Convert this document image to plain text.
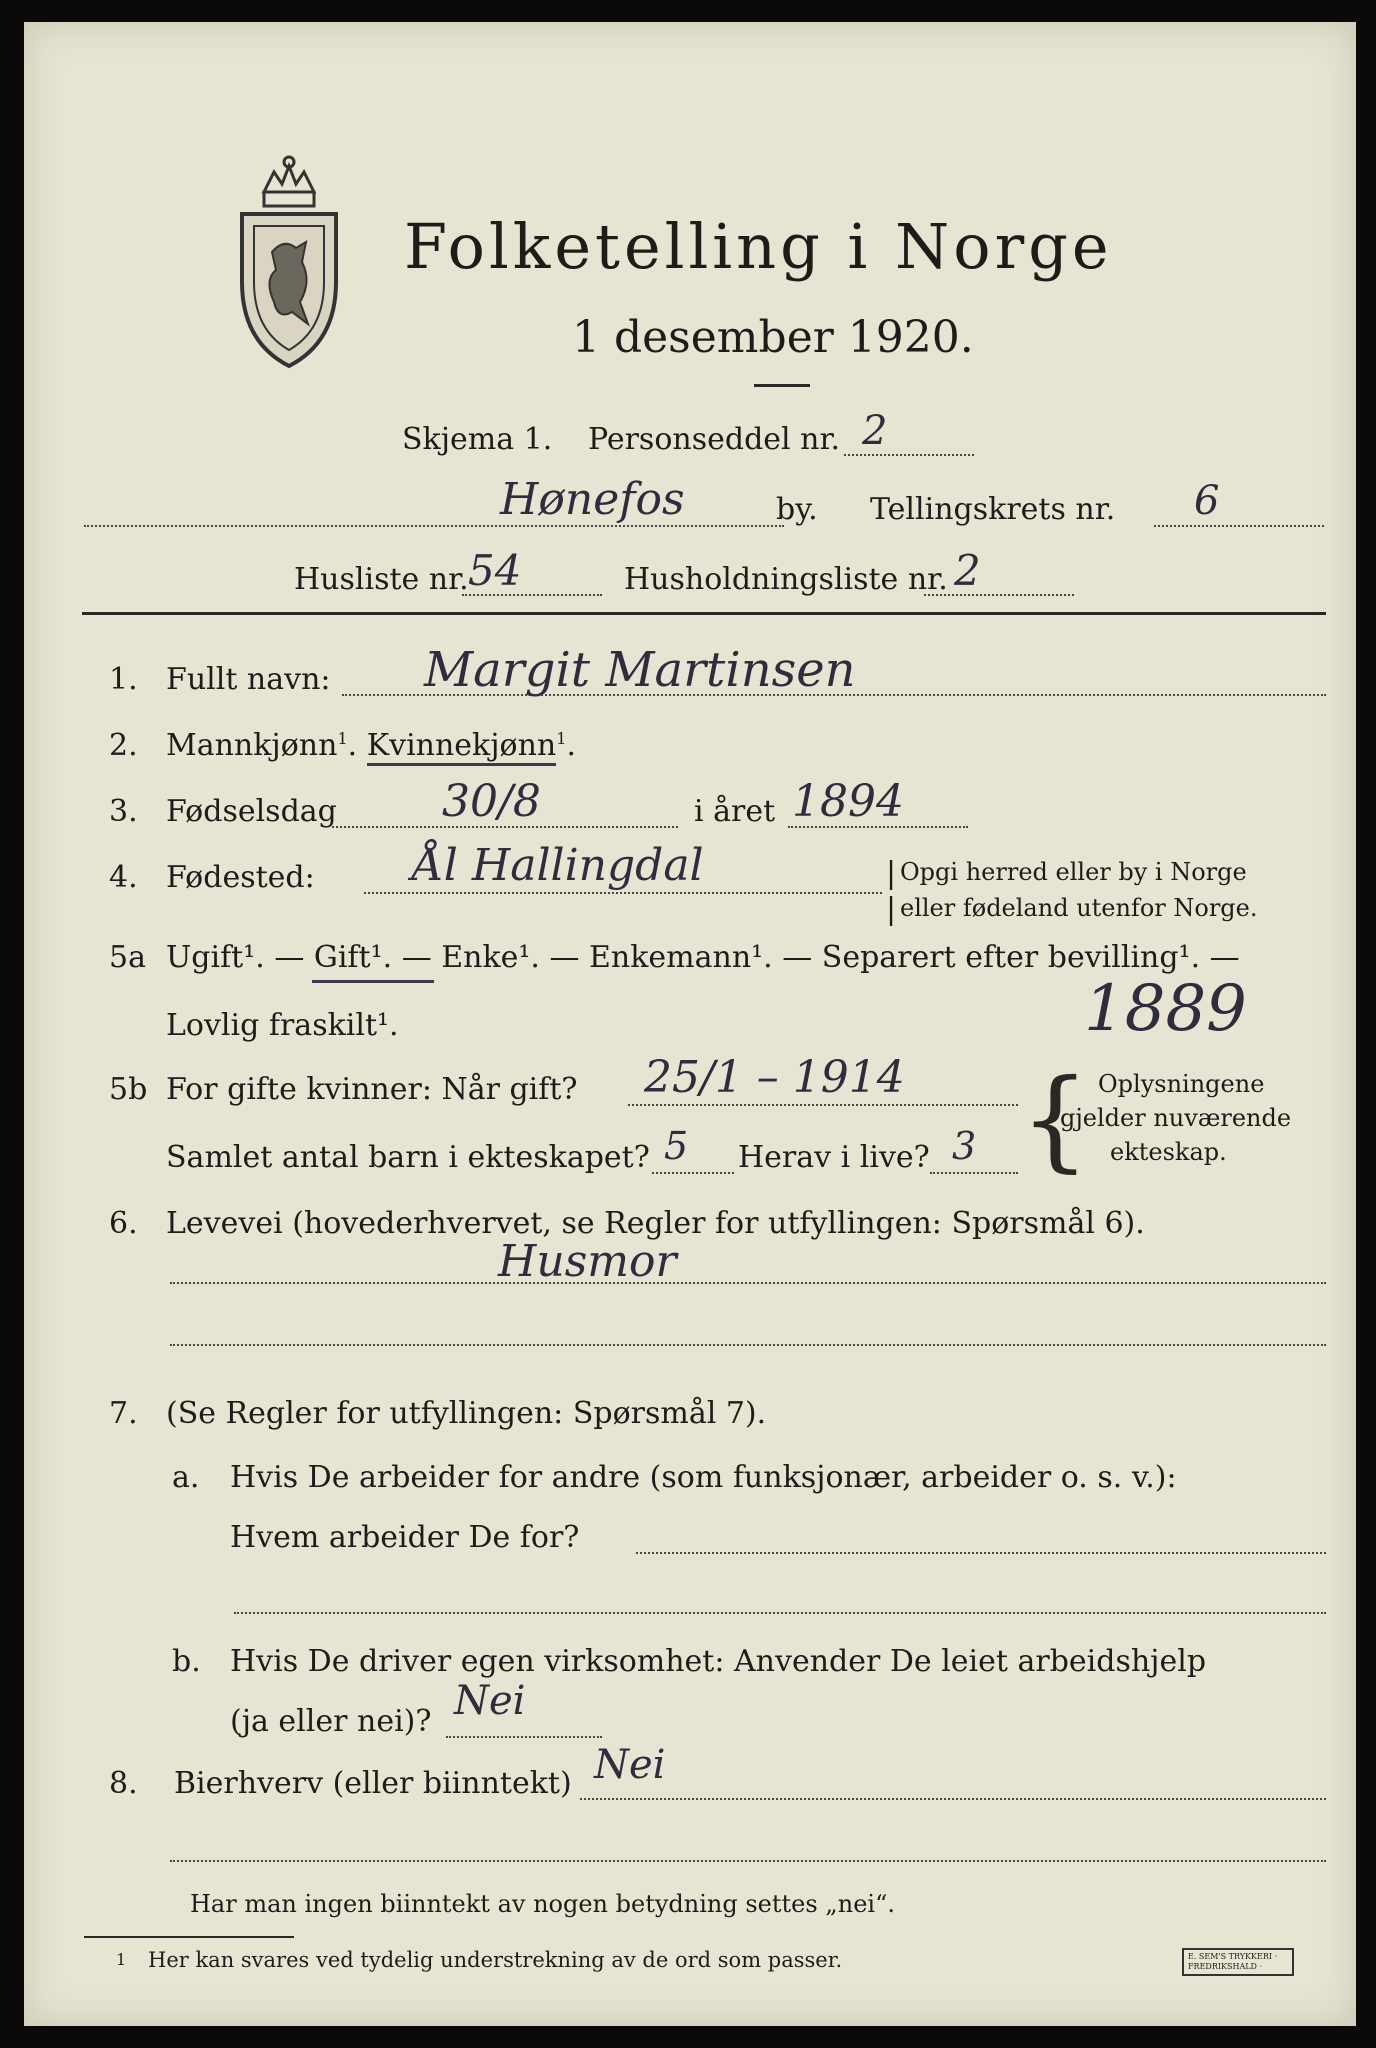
Folketelling i Norge
1 desember 1920.
Skjema 1. Personseddel nr. 2
Hønefos	by. Tellingskrets nr. 6
Husliste nr. 54	Husholdningsliste nr. 2
1. Fullt navn: Margit Martinsen
2. Mannkjønn$^1$. Kvinnekjønn$^1$.
3. Fødselsdag 30/8	i året 1894
4. Fødested: Ål Hallingdal	| Opgi herred eller by i Norge
| eller fødeland utenfor Norge.
5a Ugift¹. — Gift¹. — Enke¹. — Enkemann¹. — Separert efter bevilling¹. —
Lovlig fraskilt¹.	1889
5b For gifte kvinner: Når gift? 25/1 – 1914
Samlet antal barn i ekteskapet? 5 Herav i live? 3 { Oplysningene
gjelder nuværende
ekteskap.
6. Levevei (hovederhvervet, se Regler for utfyllingen: Spørsmål 6).
Husmor
7. (Se Regler for utfyllingen: Spørsmål 7).
a. Hvis De arbeider for andre (som funksjonær, arbeider o. s. v.):
Hvem arbeider De for?
b. Hvis De driver egen virksomhet: Anvender De leiet arbeidshjelp
(ja eller nei)? Nei
8. Bierhverv (eller biinntekt) Nei
Har man ingen biinntekt av nogen betydning settes „nei“.
1 Her kan svares ved tydelig understrekning av de ord som passer.	E. SEM'S TRYKKERI · FREDRIKSHALD ·
